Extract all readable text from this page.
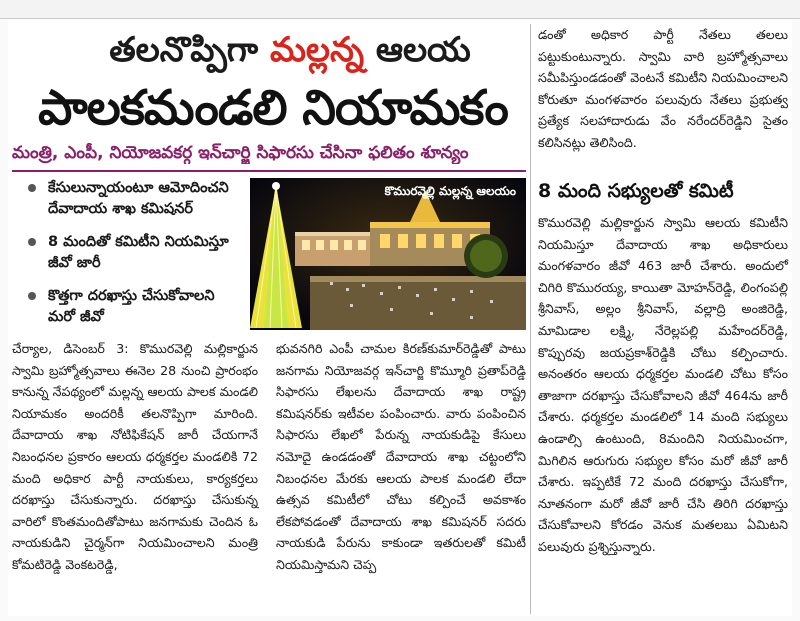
తలనొప్పిగా మల్లన్న ఆలయ
పాలకమండలి నియామకం
మంత్రి, ఎంపీ, నియోజవకర్గ ఇన్‌చార్జి సిఫారసు చేసినా ఫలితం శూన్యం
కేసులున్నాయంటూ ఆమోదించని దేవాదాయ శాఖ కమిషనర్
8 మందితో కమిటీని నియమిస్తూ జీవో జారీ
కొత్తగా దరఖాస్తు చేసుకోవాలని మరో జీవో
కొమురవెల్లి మల్లన్న ఆలయం

చేర్యాల, డిసెంబర్ 3: కొమురవెల్లి మల్లికార్జున స్వామి బ్రహ్మోత్సవాలు ఈనెల 28 నుంచి ప్రారంభం కానున్న నేపథ్యంలో మల్లన్న ఆలయ పాలక మండలి నియామకం అందరికీ తలనొప్పిగా మారింది. దేవాదాయ శాఖ నోటిఫికేషన్ జారీ చేయగానే నిబంధనల ప్రకారం ఆలయ ధర్మకర్తల మండలికి 72 మంది అధికార పార్టీ నాయకులు, కార్యకర్తలు దరఖాస్తు చేసుకున్నారు. దరఖాస్తు చేసుకున్న వారిలో కొంతమందితోపాటు జనగామకు చెందిన ఓ నాయకుడిని చైర్మన్‌గా నియమించాలని మంత్రి కోమటిరెడ్డి వెంకటరెడ్డి,

భువనగిరి ఎంపీ చామల కిరణ్‌కుమార్‌రెడ్డితో పాటు జనగామ నియోజవర్గ ఇన్‌చార్జి కొమ్మూరి ప్రతాప్‌రెడ్డి సిఫారసు లేఖలను దేవాదాయ శాఖ రాష్ట్ర కమిషనర్‌కు ఇటీవల పంపించారు. వారు పంపించిన సిఫారసు లేఖలో పేరున్న నాయకుడిపై కేసులు నమోదై ఉండడంతో దేవాదాయ శాఖ చట్టంలోని నిబంధనల మేరకు ఆలయ పాలక మండలి లేదా ఉత్సవ కమిటీలో చోటు కల్పించే అవకాశం లేకపోవడంతో దేవాదాయ శాఖ కమిషనర్ సదరు నాయకుడి పేరును కాకుండా ఇతరులతో కమిటీ నియమిస్తామని చెప్ప

డంతో అధికార పార్టీ నేతలు తలలు పట్టుకుంటున్నారు. స్వామి వారి బ్రహ్మోత్సవాలు సమీపిస్తుండడంతో వెంటనే కమిటీని నియమించాలని కోరుతూ మంగళవారం పలువురు నేతలు ప్రభుత్వ ప్రత్యేక సలహాదారుడు వేం నరేందర్‌రెడ్డిని సైతం కలిసినట్లు తెలిసింది.

8 మంది సభ్యులతో కమిటీ

కొమురవెల్లి మల్లికార్జున స్వామి ఆలయ కమిటీని నియమిస్తూ దేవాదాయ శాఖ అధికారులు మంగళవారం జీవో 463 జారీ చేశారు. అందులో చిగిరి కొమురయ్య, కాయితా మోహన్‌రెడ్డి, లింగంపల్లి శ్రీనివాస్, అల్లం శ్రీనివాస్, వల్లాద్రి అంజిరెడ్డి, మామిడాల లక్ష్మి, నేరెల్లపల్లి మహేందర్‌రెడ్డి, కొప్పురవు జయప్రకాశ్‌రెడ్డికి చోటు కల్పించారు. అనంతరం ఆలయ ధర్మకర్తల మండలి చోటు కోసం తాజాగా దరఖాస్తు చేసుకోవాలని జీవో 464ను జారీ చేశారు. ధర్మకర్తల మండలిలో 14 మంది సభ్యులు ఉండాల్సి ఉంటుంది, 8మందిని నియమించగా, మిగిలిన ఆరుగురు సభ్యుల కోసం మరో జీవో జారీ చేశారు. ఇప్పటికే 72 మంది దరఖాస్తు చేసుకోగా, నూతనంగా మరో జీవో జారీ చేసి తిరిగి దరఖాస్తు చేసుకోవాలని కోరడం వెనుక మతలబు ఏమిటని పలువురు ప్రశ్నిస్తున్నారు.
